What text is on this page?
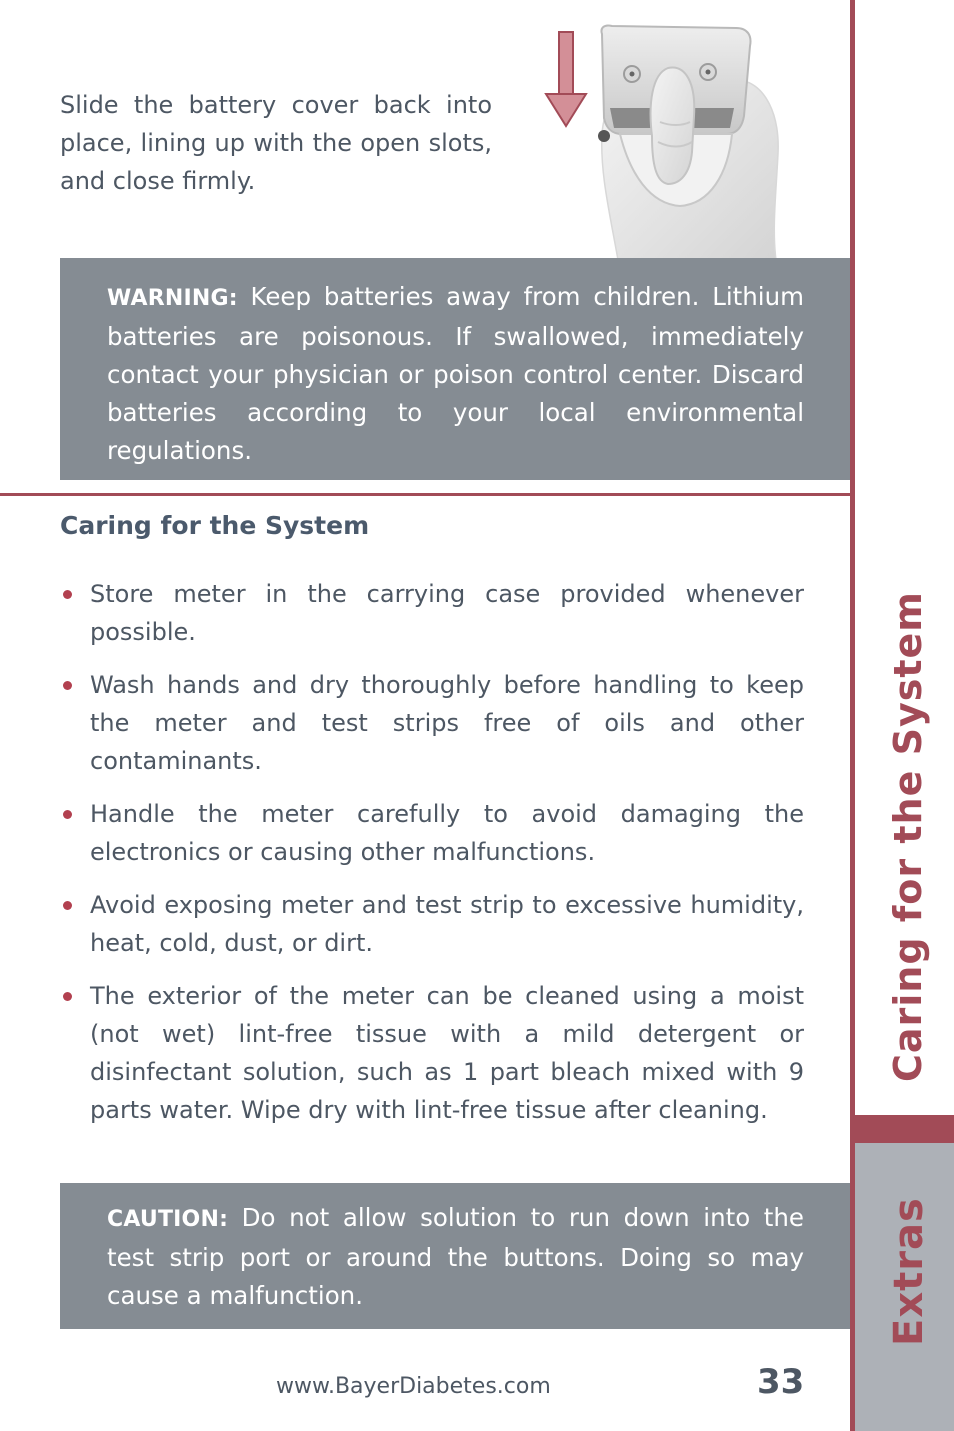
Slide the battery cover back into place, lining up with the open slots, and close firmly.

WARNING: Keep batteries away from children. Lithium batteries are poisonous. If swallowed, immediately contact your physician or poison control center. Discard batteries according to your local environmental regulations.
Caring for the System
Store meter in the carrying case provided whenever possible.
Wash hands and dry thoroughly before handling to keep the meter and test strips free of oils and other contaminants.
Handle the meter carefully to avoid damaging the electronics or causing other malfunctions.
Avoid exposing meter and test strip to excessive humidity, heat, cold, dust, or dirt.
The exterior of the meter can be cleaned using a moist (not wet) lint-free tissue with a mild detergent or disinfectant solution, such as 1 part bleach mixed with 9 parts water. Wipe dry with lint-free tissue after cleaning.
CAUTION: Do not allow solution to run down into the test strip port or around the buttons. Doing so may cause a malfunction.
www.BayerDiabetes.com	33
Caring for the System
Extras
